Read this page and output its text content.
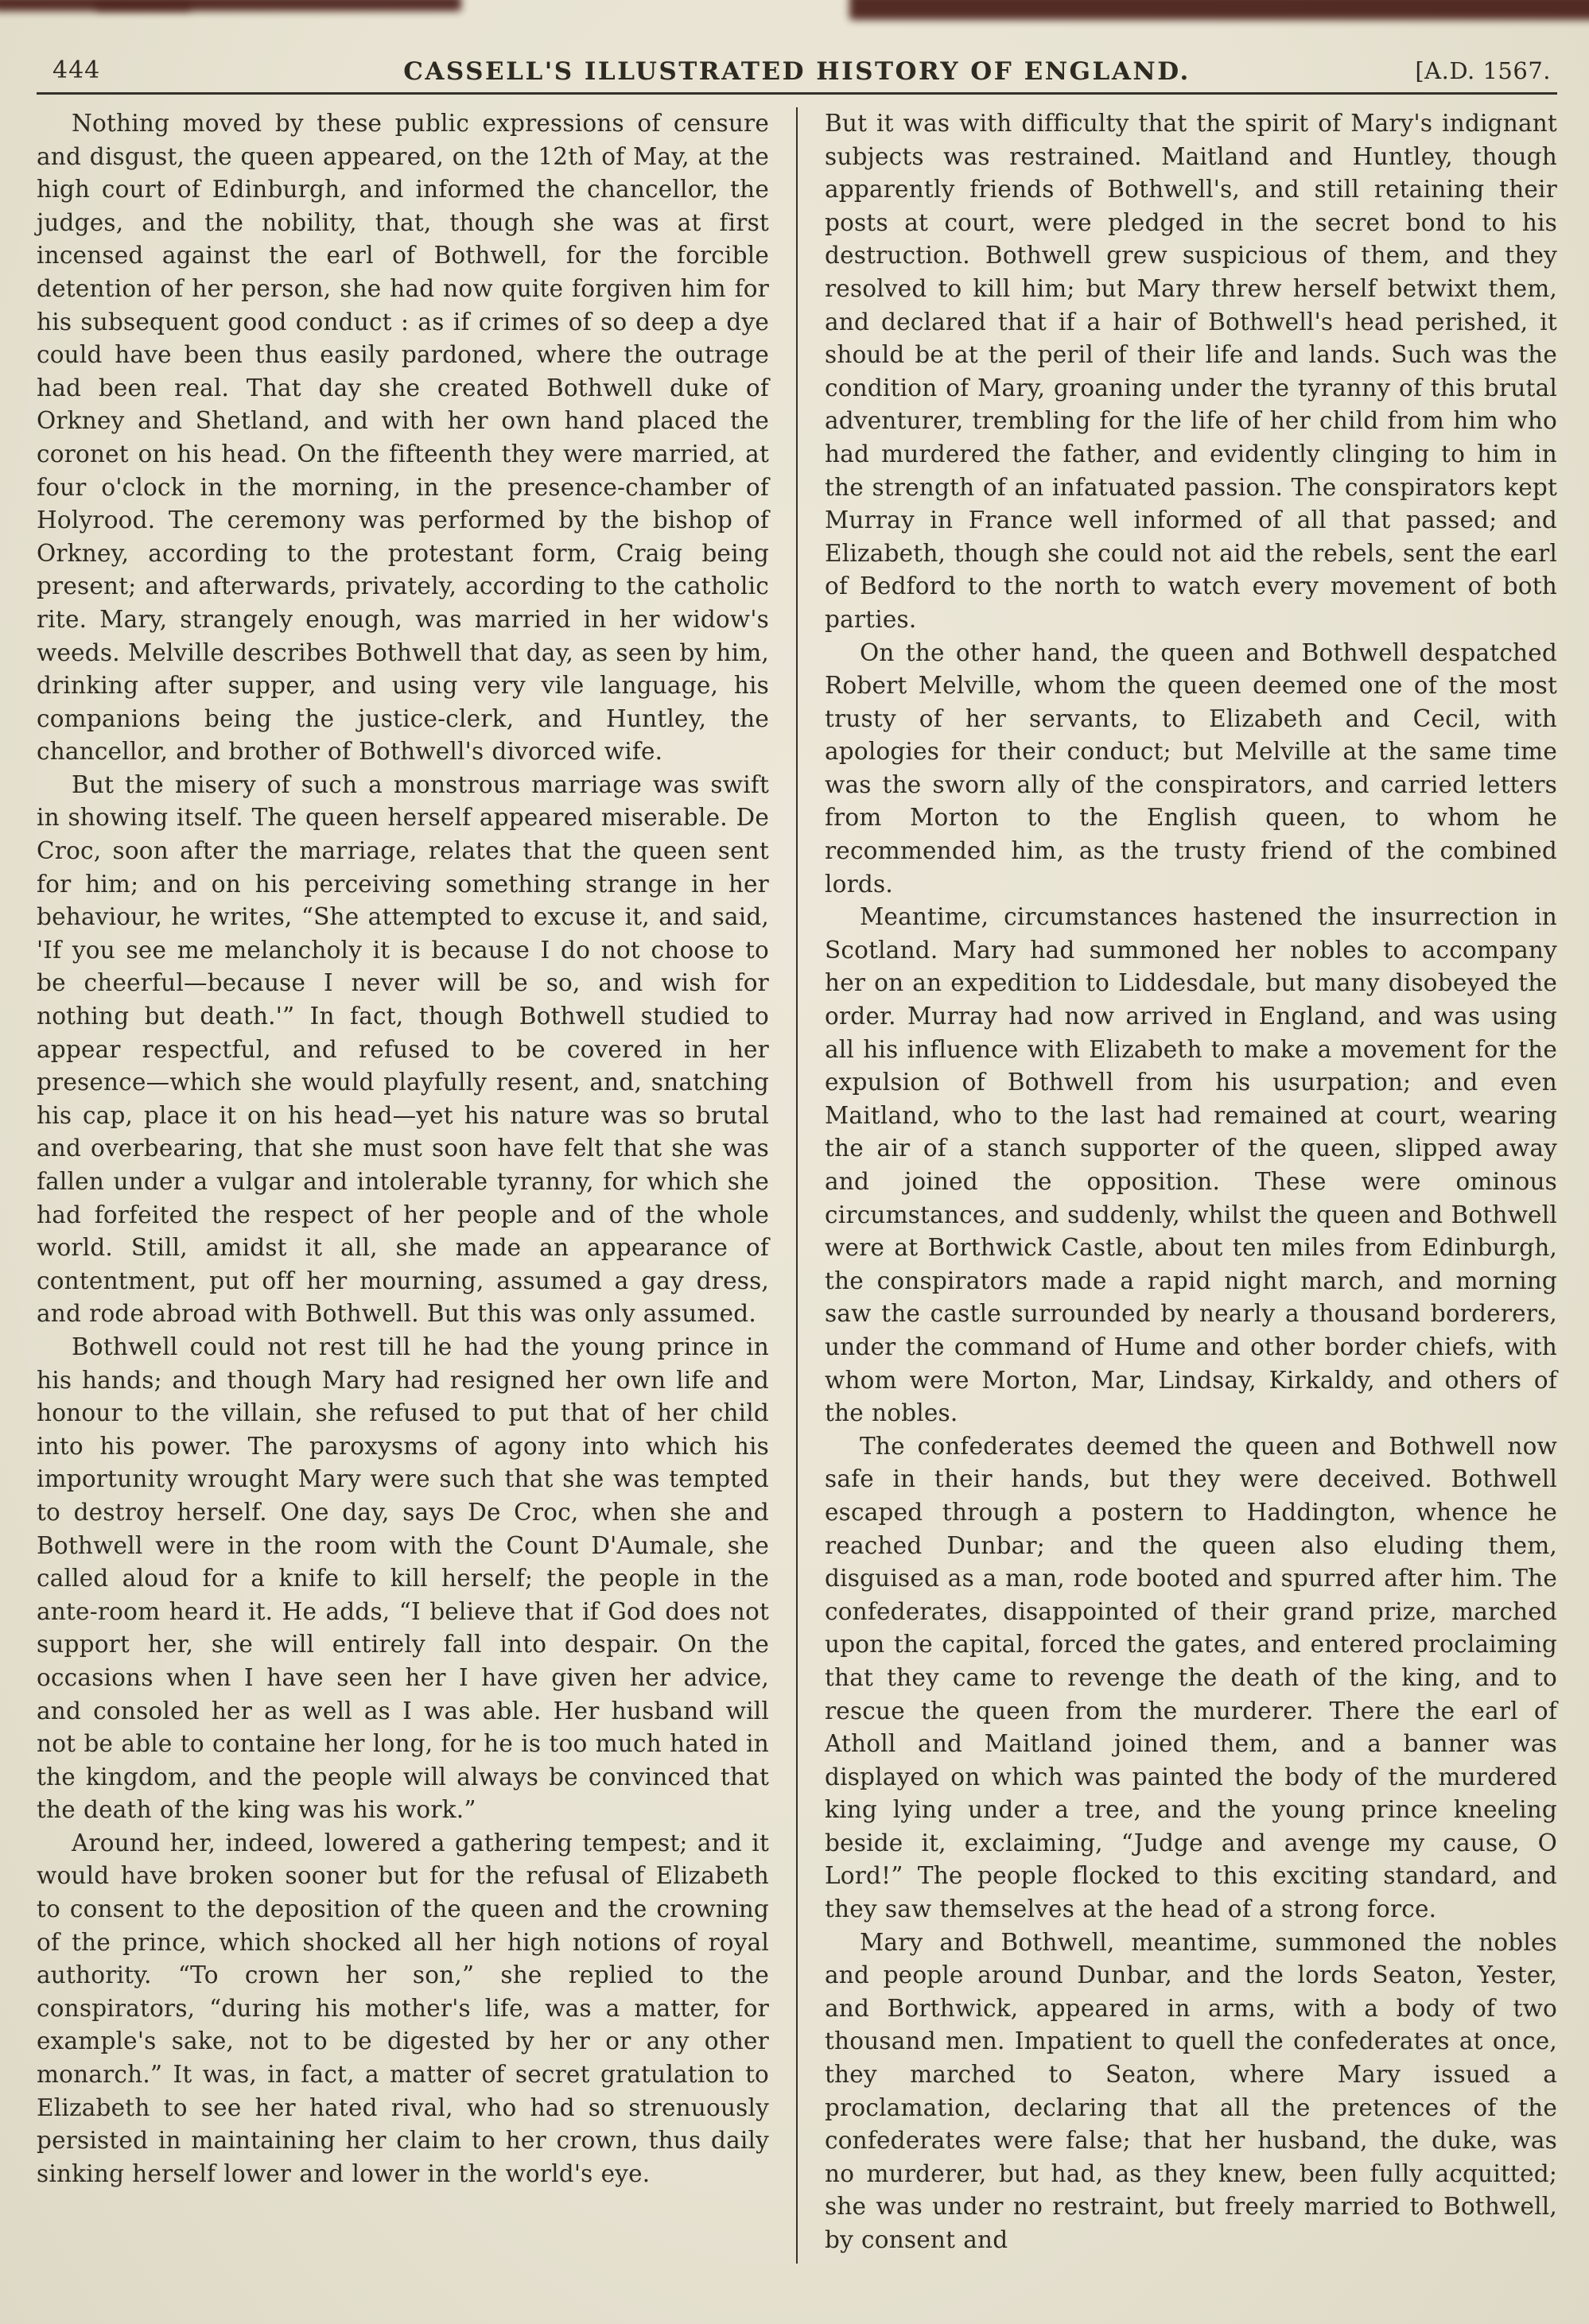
444	CASSELL'S ILLUSTRATED HISTORY OF ENGLAND.	[A.D. 1567.

Nothing moved by these public expressions of censure and disgust, the queen appeared, on the 12th of May, at the high court of Edinburgh, and informed the chancellor, the judges, and the nobility, that, though she was at first incensed against the earl of Bothwell, for the forcible detention of her person, she had now quite forgiven him for his subsequent good conduct : as if crimes of so deep a dye could have been thus easily pardoned, where the outrage had been real. That day she created Bothwell duke of Orkney and Shetland, and with her own hand placed the coronet on his head. On the fifteenth they were married, at four o'clock in the morning, in the presence-chamber of Holyrood. The ceremony was performed by the bishop of Orkney, according to the protestant form, Craig being present; and afterwards, privately, according to the catholic rite. Mary, strangely enough, was married in her widow's weeds. Melville describes Bothwell that day, as seen by him, drinking after supper, and using very vile language, his companions being the justice-clerk, and Huntley, the chancellor, and brother of Bothwell's divorced wife.

But the misery of such a monstrous marriage was swift in showing itself. The queen herself appeared miserable. De Croc, soon after the marriage, relates that the queen sent for him; and on his perceiving something strange in her behaviour, he writes, “She attempted to excuse it, and said, 'If you see me melancholy it is because I do not choose to be cheerful—because I never will be so, and wish for nothing but death.'” In fact, though Bothwell studied to appear respectful, and refused to be covered in her presence—which she would playfully resent, and, snatching his cap, place it on his head—yet his nature was so brutal and overbearing, that she must soon have felt that she was fallen under a vulgar and intolerable tyranny, for which she had forfeited the respect of her people and of the whole world. Still, amidst it all, she made an appearance of contentment, put off her mourning, assumed a gay dress, and rode abroad with Bothwell. But this was only assumed.

Bothwell could not rest till he had the young prince in his hands; and though Mary had resigned her own life and honour to the villain, she refused to put that of her child into his power. The paroxysms of agony into which his importunity wrought Mary were such that she was tempted to destroy herself. One day, says De Croc, when she and Bothwell were in the room with the Count D'Aumale, she called aloud for a knife to kill herself; the people in the ante-room heard it. He adds, “I believe that if God does not support her, she will entirely fall into despair. On the occasions when I have seen her I have given her advice, and consoled her as well as I was able. Her husband will not be able to containe her long, for he is too much hated in the kingdom, and the people will always be convinced that the death of the king was his work.”

Around her, indeed, lowered a gathering tempest; and it would have broken sooner but for the refusal of Elizabeth to consent to the deposition of the queen and the crowning of the prince, which shocked all her high notions of royal authority. “To crown her son,” she replied to the conspirators, “during his mother's life, was a matter, for example's sake, not to be digested by her or any other monarch.” It was, in fact, a matter of secret gratulation to Elizabeth to see her hated rival, who had so strenuously persisted in maintaining her claim to her crown, thus daily sinking herself lower and lower in the world's eye.

But it was with difficulty that the spirit of Mary's indignant subjects was restrained. Maitland and Huntley, though apparently friends of Bothwell's, and still retaining their posts at court, were pledged in the secret bond to his destruction. Bothwell grew suspicious of them, and they resolved to kill him; but Mary threw herself betwixt them, and declared that if a hair of Bothwell's head perished, it should be at the peril of their life and lands. Such was the condition of Mary, groaning under the tyranny of this brutal adventurer, trembling for the life of her child from him who had murdered the father, and evidently clinging to him in the strength of an infatuated passion. The conspirators kept Murray in France well informed of all that passed; and Elizabeth, though she could not aid the rebels, sent the earl of Bedford to the north to watch every movement of both parties.

On the other hand, the queen and Bothwell despatched Robert Melville, whom the queen deemed one of the most trusty of her servants, to Elizabeth and Cecil, with apologies for their conduct; but Melville at the same time was the sworn ally of the conspirators, and carried letters from Morton to the English queen, to whom he recommended him, as the trusty friend of the combined lords.

Meantime, circumstances hastened the insurrection in Scotland. Mary had summoned her nobles to accompany her on an expedition to Liddesdale, but many disobeyed the order. Murray had now arrived in England, and was using all his influence with Elizabeth to make a movement for the expulsion of Bothwell from his usurpation; and even Maitland, who to the last had remained at court, wearing the air of a stanch supporter of the queen, slipped away and joined the opposition. These were ominous circumstances, and suddenly, whilst the queen and Bothwell were at Borthwick Castle, about ten miles from Edinburgh, the conspirators made a rapid night march, and morning saw the castle surrounded by nearly a thousand borderers, under the command of Hume and other border chiefs, with whom were Morton, Mar, Lindsay, Kirkaldy, and others of the nobles.

The confederates deemed the queen and Bothwell now safe in their hands, but they were deceived. Bothwell escaped through a postern to Haddington, whence he reached Dunbar; and the queen also eluding them, disguised as a man, rode booted and spurred after him. The confederates, disappointed of their grand prize, marched upon the capital, forced the gates, and entered proclaiming that they came to revenge the death of the king, and to rescue the queen from the murderer. There the earl of Atholl and Maitland joined them, and a banner was displayed on which was painted the body of the murdered king lying under a tree, and the young prince kneeling beside it, exclaiming, “Judge and avenge my cause, O Lord!” The people flocked to this exciting standard, and they saw themselves at the head of a strong force.

Mary and Bothwell, meantime, summoned the nobles and people around Dunbar, and the lords Seaton, Yester, and Borthwick, appeared in arms, with a body of two thousand men. Impatient to quell the confederates at once, they marched to Seaton, where Mary issued a proclamation, declaring that all the pretences of the confederates were false; that her husband, the duke, was no murderer, but had, as they knew, been fully acquitted; she was under no restraint, but freely married to Bothwell, by consent and
